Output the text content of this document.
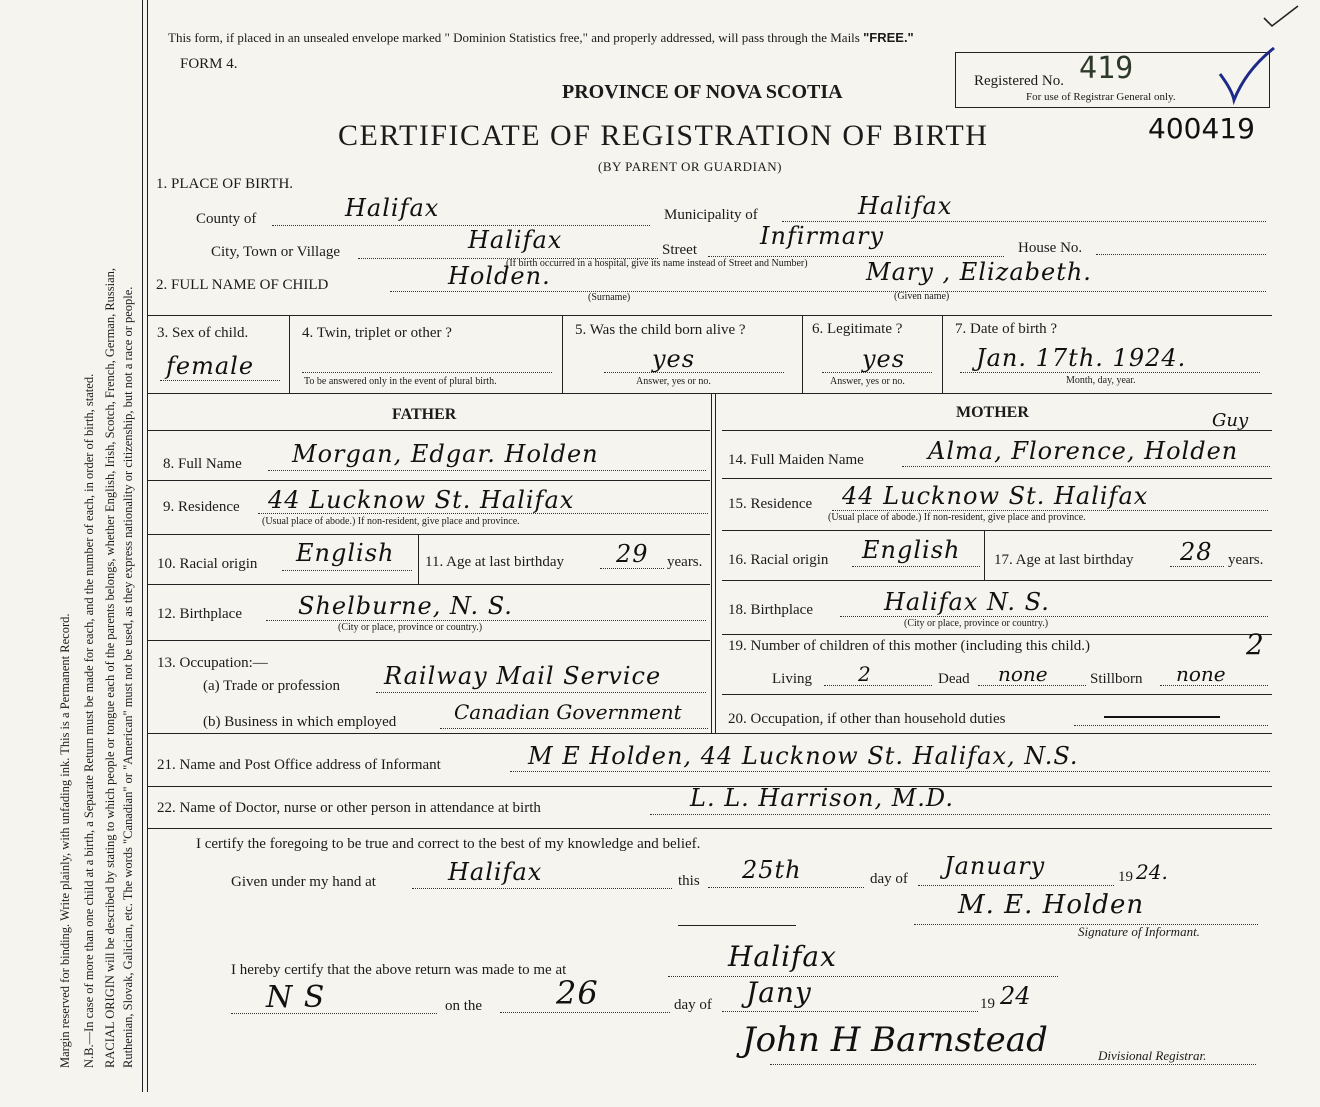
Margin reserved for binding. Write plainly, with unfading ink. This is a Permanent Record. N.B.—In case of more than one child at a birth, a Separate Return must be made for each, and the number of each, in order of birth, stated. RACIAL ORIGIN will be described by stating to which people or tongue each of the parents belongs, whether English, Irish, Scotch, French, German, Russian, Ruthenian, Slovak, Galician, etc. The words "Canadian" or "American" must not be used, as they express nationality or citizenship, but not a race or people.
This form, if placed in an unsealed envelope marked " Dominion Statistics free," and properly addressed, will pass through the Mails "FREE."
FORM 4.
Registered No. 419
For use of Registrar General only.
PROVINCE OF NOVA SCOTIA
400419
CERTIFICATE OF REGISTRATION OF BIRTH
(BY PARENT OR GUARDIAN)
1. PLACE OF BIRTH.
County of	Halifax	Municipality of	Halifax
City, Town or Village	Halifax	Street	Infirmary	House No.
(If birth occurred in a hospital, give its name instead of Street and Number)
2. FULL NAME OF CHILD	Holden.
(Surname)
Mary , Elizabeth.
(Given name)
3. Sex of child.
female
4. Twin, triplet or other ?
To be answered only in the event of plural birth.
5. Was the child born alive ?
yes
Answer, yes or no.
6. Legitimate ?
yes
Answer, yes or no.
7. Date of birth ?
Jan. 17th. 1924.
Month, day, year.
FATHER	MOTHER
8. Full Name Morgan, Edgar. Holden
9. Residence 44 Lucknow St. Halifax
(Usual place of abode.) If non-resident, give place and province.
10. Racial origin English 11. Age at last birthday 29 years.
12. Birthplace Shelburne, N. S.
(City or place, province or country.)
13. Occupation:—
(a) Trade or profession Railway Mail Service
(b) Business in which employed	Canadian Government
14. Full Maiden Name	Alma, Florence, Holden
Guy
15. Residence 44 Lucknow St. Halifax
(Usual place of abode.) If non-resident, give place and province.
16. Racial origin English 17. Age at last birthday 28 years.
18. Birthplace	Halifax N. S.
(City or place, province or country.)
19. Number of children of this mother (including this child.)	2
Living 2	Dead none	Stillborn none
20. Occupation, if other than household duties
21. Name and Post Office address of Informant	M E Holden, 44 Lucknow St. Halifax, N.S.
22. Name of Doctor, nurse or other person in attendance at birth	L. L. Harrison, M.D.
I certify the foregoing to be true and correct to the best of my knowledge and belief.
Given under my hand at	Halifax	this 25th	day of January	19 24.
M. E. Holden
Signature of Informant.
I hereby certify that the above return was made to me at	Halifax
N S	on the 26	day of Jany	19 24
John H Barnstead	Divisional Registrar.
